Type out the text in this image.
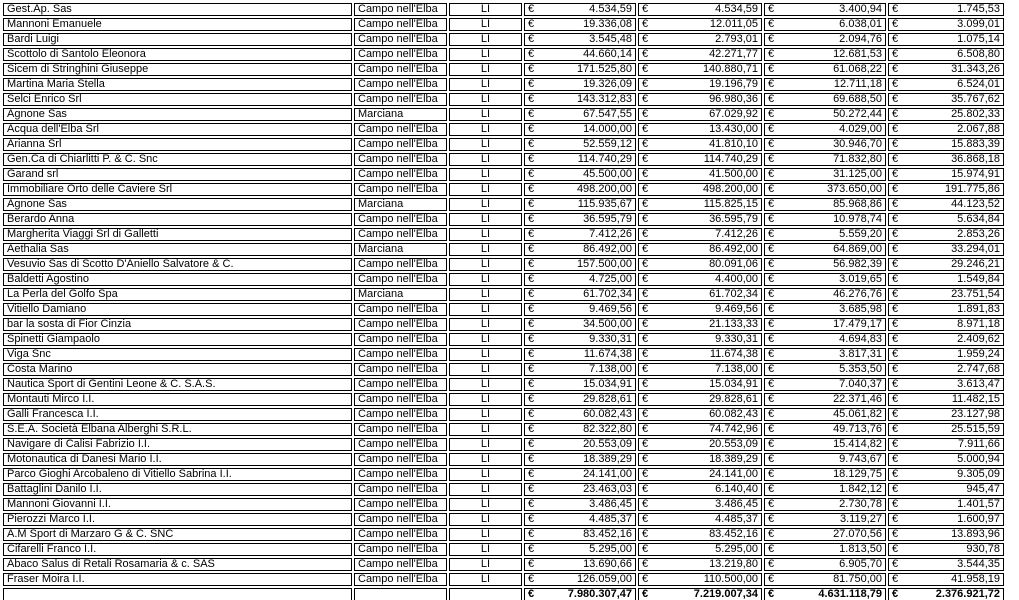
Gest.Ap. Sas	Campo nell'Elba	LI	€ 4.534,59	€ 4.534,59	€ 3.400,94	€ 1.745,53

Mannoni Emanuele	Campo nell'Elba	LI	€ 19.336,08	€ 12.011,05	€ 6.038,01	€ 3.099,01

Bardi Luigi	Campo nell'Elba	LI	€ 3.545,48	€ 2.793,01	€ 2.094,76	€ 1.075,14

Scottolo di Santolo Eleonora	Campo nell'Elba	LI	€ 44.660,14	€ 42.271,77	€ 12.681,53	€ 6.508,80

Sicem di Stringhini Giuseppe	Campo nell'Elba	LI	€ 171.525,80	€ 140.880,71	€ 61.068,22	€ 31.343,26

Martina Maria Stella	Campo nell'Elba	LI	€ 19.326,09	€ 19.196,79	€ 12.711,18	€ 6.524,01

Selci Enrico Srl	Campo nell'Elba	LI	€ 143.312,83	€ 96.980,36	€ 69.688,50	€ 35.767,62

Agnone Sas	Marciana	LI	€ 67.547,55	€ 67.029,92	€ 50.272,44	€ 25.802,33

Acqua dell'Elba Srl	Campo nell'Elba	LI	€ 14.000,00	€ 13.430,00	€ 4.029,00	€ 2.067,88

Arianna Srl	Campo nell'Elba	LI	€ 52.559,12	€ 41.810,10	€ 30.946,70	€ 15.883,39

Gen.Ca di Chiarlitti P. & C. Snc	Campo nell'Elba	LI	€ 114.740,29	€ 114.740,29	€ 71.832,80	€ 36.868,18

Garand srl	Campo nell'Elba	LI	€ 45.500,00	€ 41.500,00	€ 31.125,00	€ 15.974,91

Immobiliare Orto delle Caviere Srl	Campo nell'Elba	LI	€ 498.200,00	€ 498.200,00	€ 373.650,00	€ 191.775,86

Agnone Sas	Marciana	LI	€ 115.935,67	€ 115.825,15	€ 85.968,86	€ 44.123,52

Berardo Anna	Campo nell'Elba	LI	€ 36.595,79	€ 36.595,79	€ 10.978,74	€ 5.634,84

Margherita Viaggi Srl di Galletti	Campo nell'Elba	LI	€ 7.412,26	€ 7.412,26	€ 5.559,20	€ 2.853,26

Aethalia Sas	Marciana	LI	€ 86.492,00	€ 86.492,00	€ 64.869,00	€ 33.294,01

Vesuvio Sas di Scotto D'Aniello Salvatore & C.	Campo nell'Elba	LI	€ 157.500,00	€ 80.091,06	€ 56.982,39	€ 29.246,21

Baldetti Agostino	Campo nell'Elba	LI	€ 4.725,00	€ 4.400,00	€ 3.019,65	€ 1.549,84

La Perla del Golfo Spa	Marciana	LI	€ 61.702,34	€ 61.702,34	€ 46.276,76	€ 23.751,54

Vitiello Damiano	Campo nell'Elba	LI	€ 9.469,56	€ 9.469,56	€ 3.685,98	€ 1.891,83

bar la sosta di Fior Cinzia	Campo nell'Elba	LI	€ 34.500,00	€ 21.133,33	€ 17.479,17	€ 8.971,18

Spinetti Giampaolo	Campo nell'Elba	LI	€ 9.330,31	€ 9.330,31	€ 4.694,83	€ 2.409,62

Viga Snc	Campo nell'Elba	LI	€ 11.674,38	€ 11.674,38	€ 3.817,31	€ 1.959,24

Costa Marino	Campo nell'Elba	LI	€ 7.138,00	€ 7.138,00	€ 5.353,50	€ 2.747,68

Nautica Sport di Gentini Leone & C. S.A.S.	Campo nell'Elba	LI	€ 15.034,91	€ 15.034,91	€ 7.040,37	€ 3.613,47

Montauti Mirco I.I.	Campo nell'Elba	LI	€ 29.828,61	€ 29.828,61	€ 22.371,46	€ 11.482,15

Galli Francesca I.I.	Campo nell'Elba	LI	€ 60.082,43	€ 60.082,43	€ 45.061,82	€ 23.127,98

S.E.A. Società Elbana Alberghi S.R.L.	Campo nell'Elba	LI	€ 82.322,80	€ 74.742,96	€ 49.713,76	€ 25.515,59

Navigare di Calisi Fabrizio I.I.	Campo nell'Elba	LI	€ 20.553,09	€ 20.553,09	€ 15.414,82	€ 7.911,66

Motonautica di Danesi Mario I.I.	Campo nell'Elba	LI	€ 18.389,29	€ 18.389,29	€ 9.743,67	€ 5.000,94

Parco Gioghi Arcobaleno di Vitiello Sabrina I.I.	Campo nell'Elba	LI	€ 24.141,00	€ 24.141,00	€ 18.129,75	€ 9.305,09

Battaglini Danilo I.I.	Campo nell'Elba	LI	€ 23.463,03	€ 6.140,40	€ 1.842,12	€ 945,47

Mannoni Giovanni I.I.	Campo nell'Elba	LI	€ 3.486,45	€ 3.486,45	€ 2.730,78	€ 1.401,57

Pierozzi Marco I.I.	Campo nell'Elba	LI	€ 4.485,37	€ 4.485,37	€ 3.119,27	€ 1.600,97

A.M Sport di Marzaro G & C. SNC	Campo nell'Elba	LI	€ 83.452,16	€ 83.452,16	€ 27.070,56	€ 13.893,96

Cifarelli Franco I.I.	Campo nell'Elba	LI	€ 5.295,00	€ 5.295,00	€ 1.813,50	€ 930,78

Abaco Salus di Retali Rosamaria & c. SAS	Campo nell'Elba	LI	€ 13.690,66	€ 13.219,80	€ 6.905,70	€ 3.544,35

Fraser Moira I.I.	Campo nell'Elba	LI	€ 126.059,00	€ 110.500,00	€ 81.750,00	€ 41.958,19

			€ 7.980.307,47	€ 7.219.007,34	€ 4.631.118,79	€ 2.376.921,72
